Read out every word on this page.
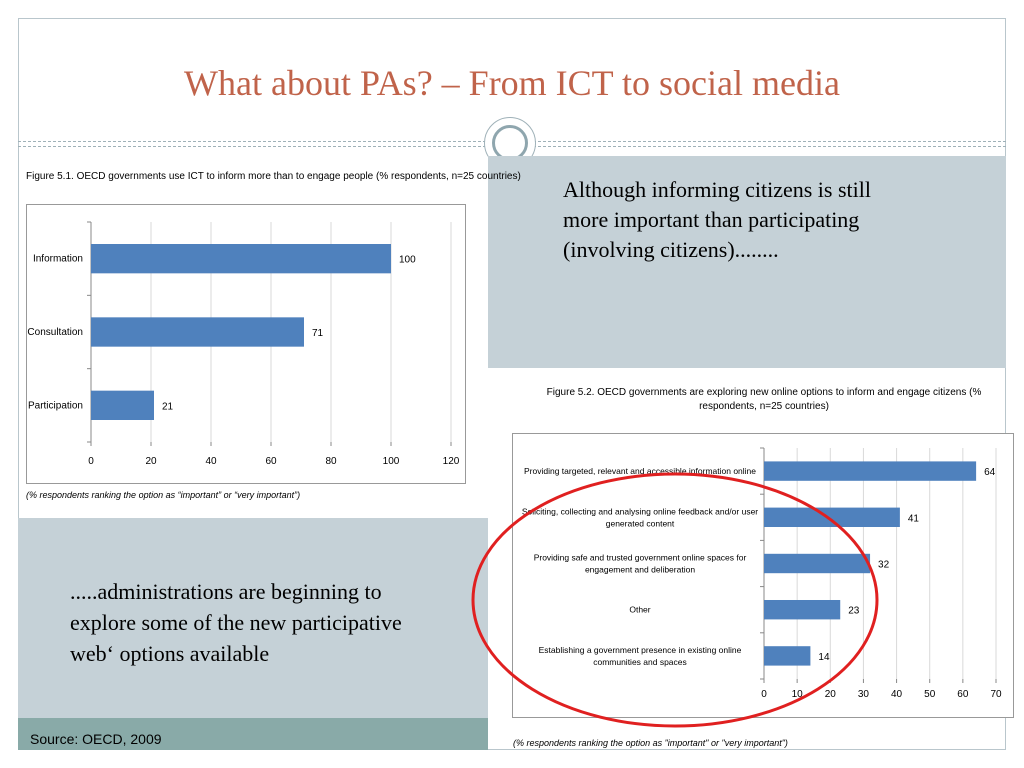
What about PAs? – From ICT to social media
Although informing citizens is still more important than participating (involving citizens)........
Figure 5.1. OECD governments use ICT to inform more than to engage people (% respondents, n=25 countries)
0	20	40	60	80	100	120
100
Information
71
Consultation
21
Participation
(% respondents ranking the option as “important” or “very important”)
.....administrations are beginning to explore some of the new participative web‘ options available
Source: OECD, 2009
Figure 5.2. OECD governments are exploring new online options to inform and engage citizens (% respondents, n=25 countries)
0 10 20 30 40 50 60 70
64
Providing targeted, relevant and accessible information online
41
Soliciting, collecting and analysing online feedback and/or user
generated content
32
Providing safe and trusted government online spaces for
engagement and deliberation
23
Other
14
Establishing a government presence in existing online
communities and spaces
(% respondents ranking the option as "important" or "very important")
